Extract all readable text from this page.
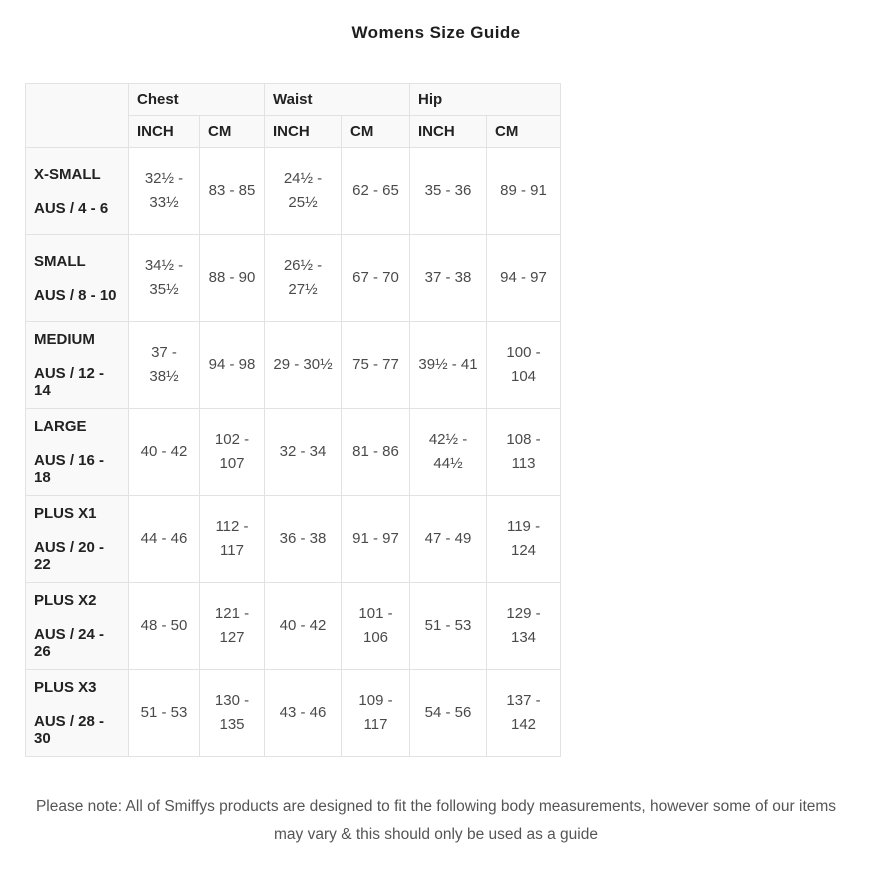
Womens Size Guide
	Chest		Waist		Hip	
	INCH	CM	INCH	CM	INCH	CM

X-SMALL
AUS / 4 - 6	32½ - 33½	83 - 85	24½ - 25½	62 - 65	35 - 36	89 - 91

SMALL
AUS / 8 - 10	34½ - 35½	88 - 90	26½ - 27½	67 - 70	37 - 38	94 - 97

MEDIUM
AUS / 12 - 14	37 - 38½	94 - 98	29 - 30½	75 - 77	39½ - 41	100 - 104

LARGE
AUS / 16 - 18	40 - 42	102 - 107	32 - 34	81 - 86	42½ - 44½	108 - 113

PLUS X1
AUS / 20 - 22	44 - 46	112 - 117	36 - 38	91 - 97	47 - 49	119 - 124

PLUS X2
AUS / 24 - 26	48 - 50	121 - 127	40 - 42	101 - 106	51 - 53	129 - 134

PLUS X3
AUS / 28 - 30	51 - 53	130 - 135	43 - 46	109 - 117	54 - 56	137 - 142

Please note: All of Smiffys products are designed to fit the following body measurements, however some of our items may vary & this should only be used as a guide
